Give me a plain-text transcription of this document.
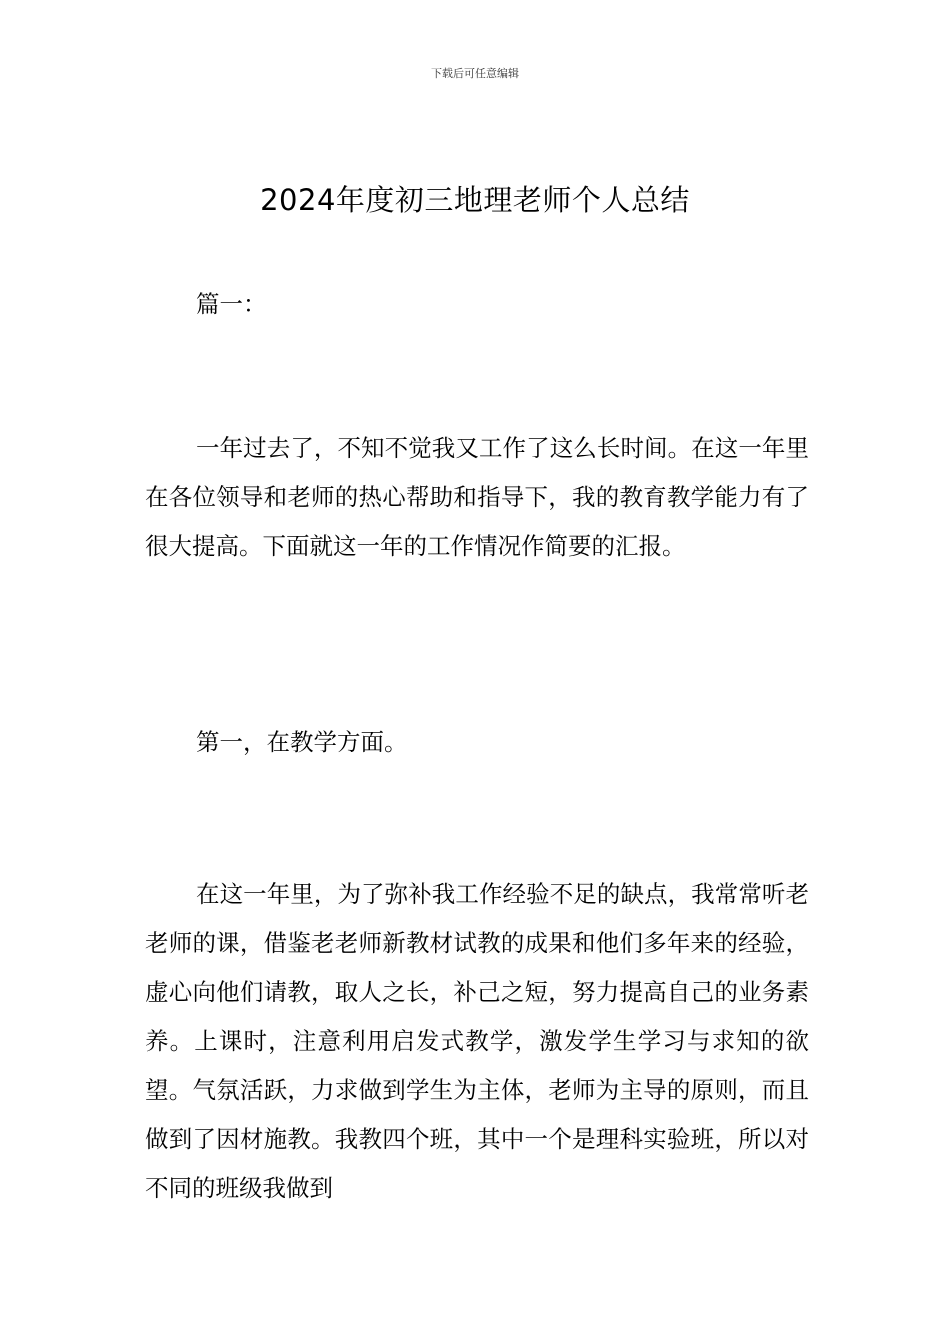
下载后可任意编辑
2024年度初三地理老师个人总结

篇一：

一年过去了，不知不觉我又工作了这么长时间。在这一年里在各位领导和老师的热心帮助和指导下，我的教育教学能力有了很大提高。下面就这一年的工作情况作简要的汇报。

第一，在教学方面。

在这一年里，为了弥补我工作经验不足的缺点，我常常听老老师的课，借鉴老老师新教材试教的成果和他们多年来的经验，虚心向他们请教，取人之长，补己之短，努力提高自己的业务素养。上课时，注意利用启发式教学，激发学生学习与求知的欲望。气氛活跃，力求做到学生为主体，老师为主导的原则，而且做到了因材施教。我教四个班，其中一个是理科实验班，所以对不同的班级我做到
